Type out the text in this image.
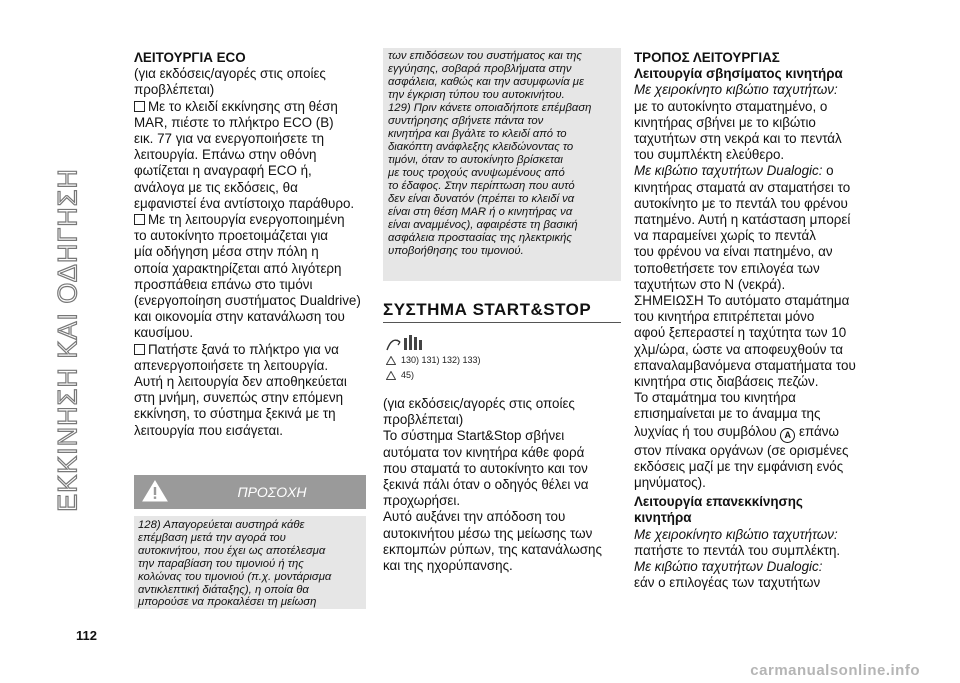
ΕΚΚΙΝΗΣΗ ΚΑΙ ΟΔΗΓΗΣΗ
112

ΛΕΙΤΟΥΡΓΙΑ ECO

(για εκδόσεις/αγορές στις οποίες

προβλέπεται)

Με το κλειδί εκκίνησης στη θέση

MAR, πιέστε το πλήκτρο ECO (B)

εικ. 77 για να ενεργοποιήσετε τη

λειτουργία. Επάνω στην οθόνη

φωτίζεται η αναγραφή ECO ή,

ανάλογα με τις εκδόσεις, θα

εμφανιστεί ένα αντίστοιχο παράθυρο.

Με τη λειτουργία ενεργοποιημένη

το αυτοκίνητο προετοιμάζεται για

μία οδήγηση μέσα στην πόλη η

οποία χαρακτηρίζεται από λιγότερη

προσπάθεια επάνω στο τιμόνι

(ενεργοποίηση συστήματος Dualdrive)

και οικονομία στην κατανάλωση του

καυσίμου.

Πατήστε ξανά το πλήκτρο για να

απενεργοποιήσετε τη λειτουργία.

Αυτή η λειτουργία δεν αποθηκεύεται

στη μνήμη, συνεπώς στην επόμενη

εκκίνηση, το σύστημα ξεκινά με τη

λειτουργία που εισάγεται.

ΠΡΟΣΟΧΗ
128) Απαγορεύεται αυστηρά κάθε
επέμβαση μετά την αγορά του
αυτοκινήτου, που έχει ως αποτέλεσμα
την παραβίαση του τιμονιού ή της
κολώνας του τιμονιού (π.χ. μοντάρισμα
αντικλεπτική διάταξης), η οποία θα
μπορούσε να προκαλέσει τη μείωση
των επιδόσεων του συστήματος και της
εγγύησης, σοβαρά προβλήματα στην
ασφάλεια, καθώς και την ασυμφωνία με
την έγκριση τύπου του αυτοκινήτου.
129) Πριν κάνετε οποιαδήποτε επέμβαση
συντήρησης σβήνετε πάντα τον
κινητήρα και βγάλτε το κλειδί από το
διακόπτη ανάφλεξης κλειδώνοντας το
τιμόνι, όταν το αυτοκίνητο βρίσκεται
με τους τροχούς ανυψωμένους από
το έδαφος. Στην περίπτωση που αυτό
δεν είναι δυνατόν (πρέπει το κλειδί να
είναι στη θέση MAR ή ο κινητήρας να
είναι αναμμένος), αφαιρέστε τη βασική
ασφάλεια προστασίας της ηλεκτρικής
υποβοήθησης του τιμονιού.
ΣΥΣΤΗΜΑ START&STOP
130) 131) 132) 133)
45)

(για εκδόσεις/αγορές στις οποίες

προβλέπεται)

Το σύστημα Start&Stop σβήνει

αυτόματα τον κινητήρα κάθε φορά

που σταματά το αυτοκίνητο και τον

ξεκινά πάλι όταν ο οδηγός θέλει να

προχωρήσει.

Αυτό αυξάνει την απόδοση του

αυτοκινήτου μέσω της μείωσης των

εκπομπών ρύπων, της κατανάλωσης

και της ηχορύπανσης.

ΤΡΟΠΟΣ ΛΕΙΤΟΥΡΓΙΑΣ

Λειτουργία σβησίματος κινητήρα

Με χειροκίνητο κιβώτιο ταχυτήτων:

με το αυτοκίνητο σταματημένο, ο

κινητήρας σβήνει με το κιβώτιο

ταχυτήτων στη νεκρά και το πεντάλ

του συμπλέκτη ελεύθερο.

Με κιβώτιο ταχυτήτων Dualogic: ο

κινητήρας σταματά αν σταματήσει το

αυτοκίνητο με το πεντάλ του φρένου

πατημένο. Αυτή η κατάσταση μπορεί

να παραμείνει χωρίς το πεντάλ

του φρένου να είναι πατημένο, αν

τοποθετήσετε τον επιλογέα των

ταχυτήτων στο N (νεκρά).

ΣΗΜΕΙΩΣΗ Το αυτόματο σταμάτημα

του κινητήρα επιτρέπεται μόνο

αφού ξεπεραστεί η ταχύτητα των 10

χλμ/ώρα, ώστε να αποφευχθούν τα

επαναλαμβανόμενα σταματήματα του

κινητήρα στις διαβάσεις πεζών.

Το σταμάτημα του κινητήρα

επισημαίνεται με το άναμμα της

λυχνίας ή του συμβόλου A επάνω

στον πίνακα οργάνων (σε ορισμένες

εκδόσεις μαζί με την εμφάνιση ενός

μηνύματος).

Λειτουργία επανεκκίνησης

κινητήρα

Με χειροκίνητο κιβώτιο ταχυτήτων:

πατήστε το πεντάλ του συμπλέκτη.

Με κιβώτιο ταχυτήτων Dualogic:

εάν ο επιλογέας των ταχυτήτων

carmanualsonline.info
